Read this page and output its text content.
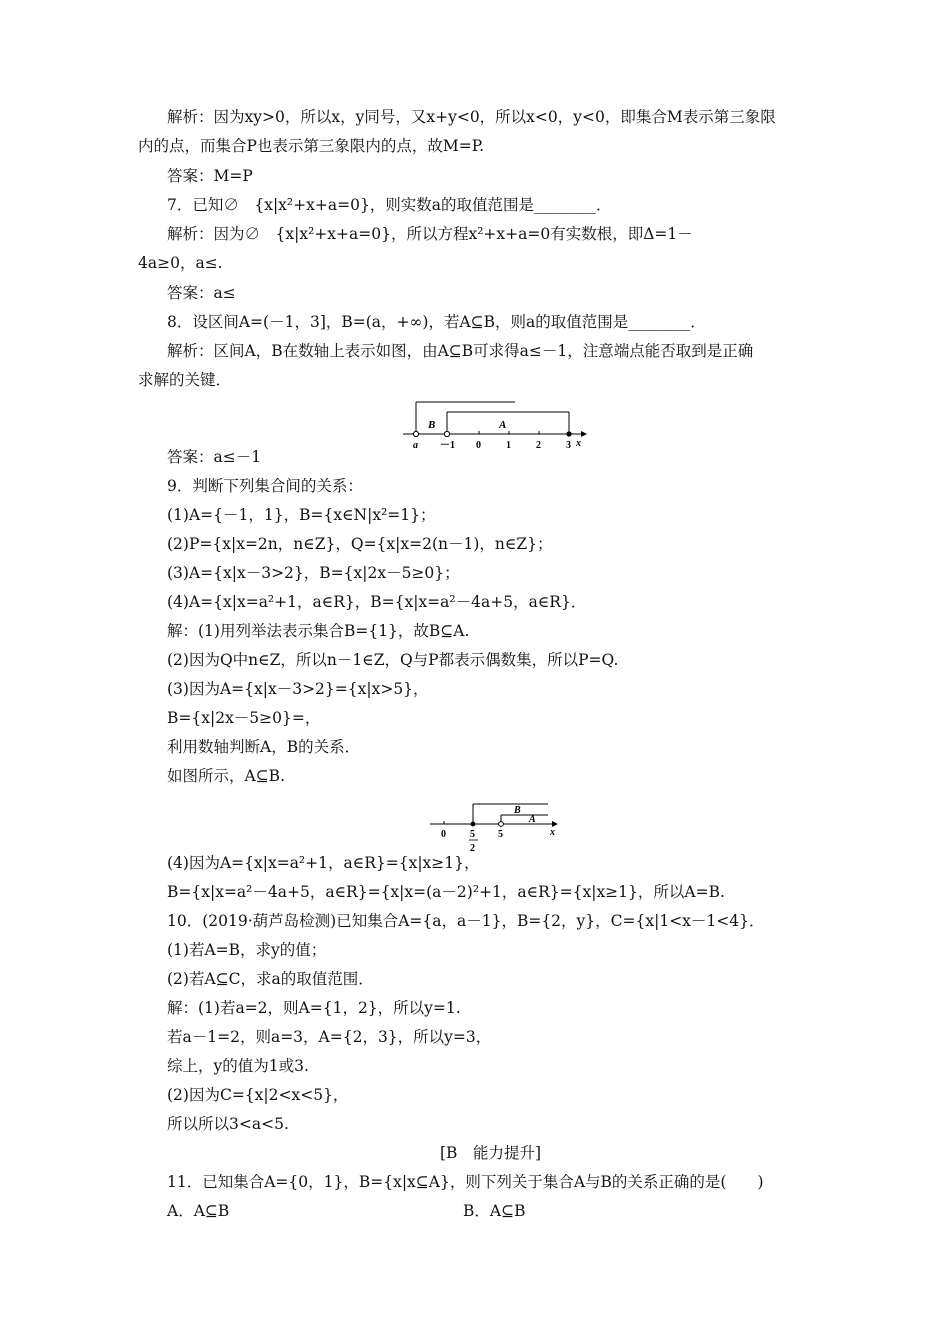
解析：因为xy>0，所以x，y同号，又x+y<0，所以x<0，y<0，即集合M表示第三象限
内的点，而集合P也表示第三象限内的点，故M=P.
答案：M=P
7．已知∅　{x|x²+x+a=0}，则实数a的取值范围是________．
解析：因为∅　{x|x²+x+a=0}，所以方程x²+x+a=0有实数根，即Δ=1－
4a≥0，a≤.
答案：a≤
8．设区间A=(－1，3]，B=(a，+∞)，若A⊆B，则a的取值范围是________．
解析：区间A，B在数轴上表示如图，由A⊆B可求得a≤－1，注意端点能否取到是正确
求解的关键．
答案：a≤－1
9．判断下列集合间的关系：
(1)A={－1，1}，B={x∈N|x²=1}；
(2)P={x|x=2n，n∈Z}，Q={x|x=2(n－1)，n∈Z}；
(3)A={x|x－3>2}，B={x|2x－5≥0}；
(4)A={x|x=a²+1，a∈R}，B={x|x=a²－4a+5，a∈R}．
解：(1)用列举法表示集合B={1}，故B⊆A.
(2)因为Q中n∈Z，所以n－1∈Z，Q与P都表示偶数集，所以P=Q.
(3)因为A={x|x－3>2}={x|x>5}，
B={x|2x－5≥0}=，
利用数轴判断A，B的关系．
如图所示，A⊆B.
(4)因为A={x|x=a²+1，a∈R}={x|x≥1}，
B={x|x=a²－4a+5，a∈R}={x|x=(a－2)²+1，a∈R}={x|x≥1}，所以A=B.
10．(2019·葫芦岛检测)已知集合A={a，a－1}，B={2，y}，C={x|1<x－1<4}．
(1)若A=B，求y的值；
(2)若A⊆C，求a的取值范围．
解：(1)若a=2，则A={1，2}，所以y=1.
若a－1=2，则a=3，A={2，3}，所以y=3，
综上，y的值为1或3.
(2)因为C={x|2<x<5}，
所以所以3<a<5.
[B　能力提升]
11．已知集合A={0，1}，B={x|x⊆A}，则下列关于集合A与B的关系正确的是(　　)
A．A⊆B	B．A⊆B
B	A
a －1 0	1	2	3 x
B
A
0 5
2
5	x
